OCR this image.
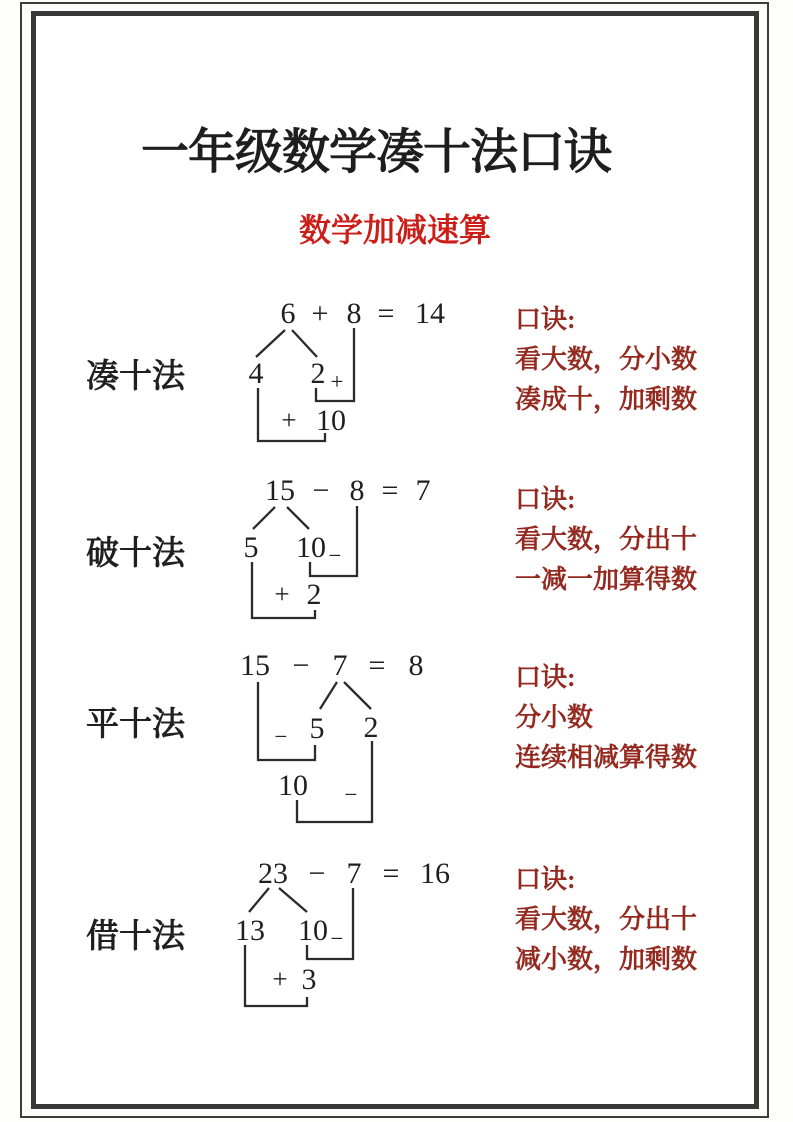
一年级数学凑十法口诀
数学加减速算
凑十法
6 + 8 = 14
4 2 +
+ 10
口诀:
看大数，分小数
凑成十，加剩数
破十法
15 − 8 = 7
5 10 −
+ 2
口诀:
看大数，分出十
一减一加算得数
平十法
15 − 7 = 8
5 2
−
10 −
口诀:
分小数
连续相减算得数
借十法
23 − 7 = 16
13 10 −
+ 3
口诀:
看大数，分出十
减小数，加剩数
